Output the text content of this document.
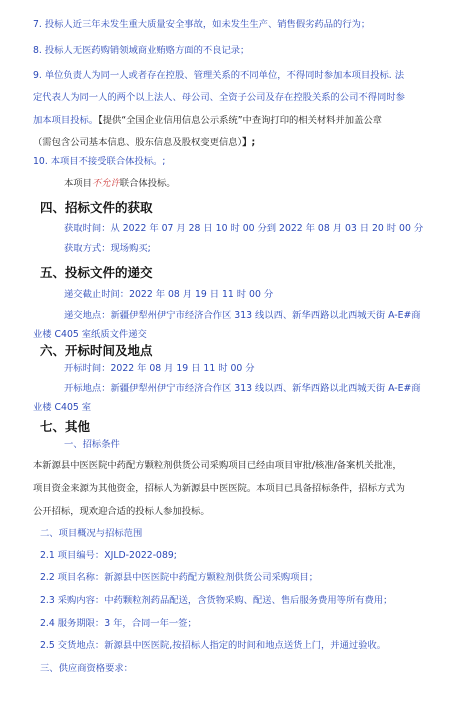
7. 投标人近三年未发生重大质量安全事故，如未发生生产、销售假劣药品的行为；
8. 投标人无医药购销领域商业贿赂方面的不良记录；
9. 单位负责人为同一人或者存在控股、管理关系的不同单位，不得同时参加本项目投标. 法
定代表人为同一人的两个以上法人、母公司、全资子公司及存在控股关系的公司不得同时参
加本项目投标。【提供“全国企业信用信息公示系统”中查询打印的相关材料并加盖公章
（需包含公司基本信息、股东信息及股权变更信息）】;
10. 本项目不接受联合体投标。;
本项目不允许联合体投标。
四、招标文件的获取
获取时间：从 2022 年 07 月 28 日 10 时 00 分到 2022 年 08 月 03 日 20 时 00 分
获取方式：现场购买;
五、投标文件的递交
递交截止时间：2022 年 08 月 19 日 11 时 00 分
递交地点：新疆伊犁州伊宁市经济合作区 313 线以西、新华西路以北西城天街 A-E#商
业楼 C405 室纸质文件递交
六、开标时间及地点
开标时间：2022 年 08 月 19 日 11 时 00 分
开标地点：新疆伊犁州伊宁市经济合作区 313 线以西、新华西路以北西城天街 A-E#商
业楼 C405 室
七、其他
一、招标条件
本新源县中医医院中药配方颗粒剂供货公司采购项目已经由项目审批/核准/备案机关批准，
项目资金来源为其他资金，招标人为新源县中医医院。本项目已具备招标条件，招标方式为
公开招标，现欢迎合适的投标人参加投标。
二、项目概况与招标范围
2.1 项目编号：XJLD-2022-089;
2.2 项目名称：新源县中医医院中药配方颗粒剂供货公司采购项目；
2.3 采购内容：中药颗粒剂药品配送，含货物采购、配送、售后服务费用等所有费用；
2.4 服务期限：3 年，合同一年一签；
2.5 交货地点：新源县中医医院,按招标人指定的时间和地点送货上门，并通过验收。
三、供应商资格要求：
